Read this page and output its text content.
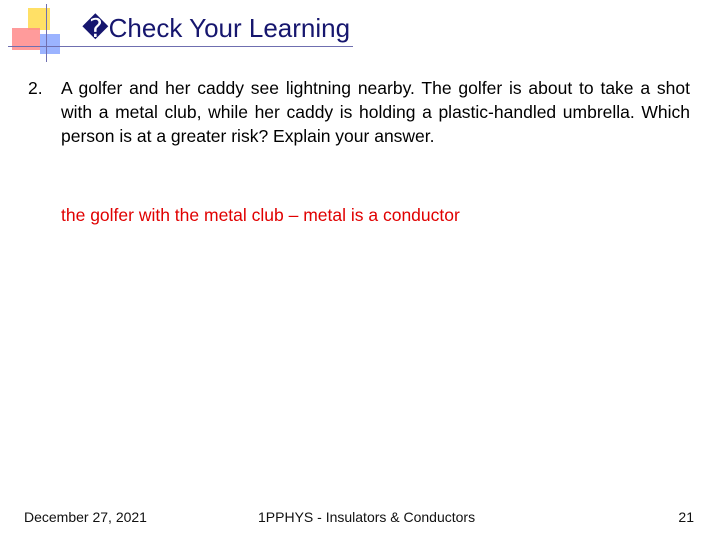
�Check Your Learning
2. A golfer and her caddy see lightning nearby. The golfer is about to take a shot with a metal club, while her caddy is holding a plastic-handled umbrella. Which person is at a greater risk? Explain your answer.
the golfer with the metal club – metal is a conductor
December 27, 2021	1PPHYS - Insulators & Conductors	21
